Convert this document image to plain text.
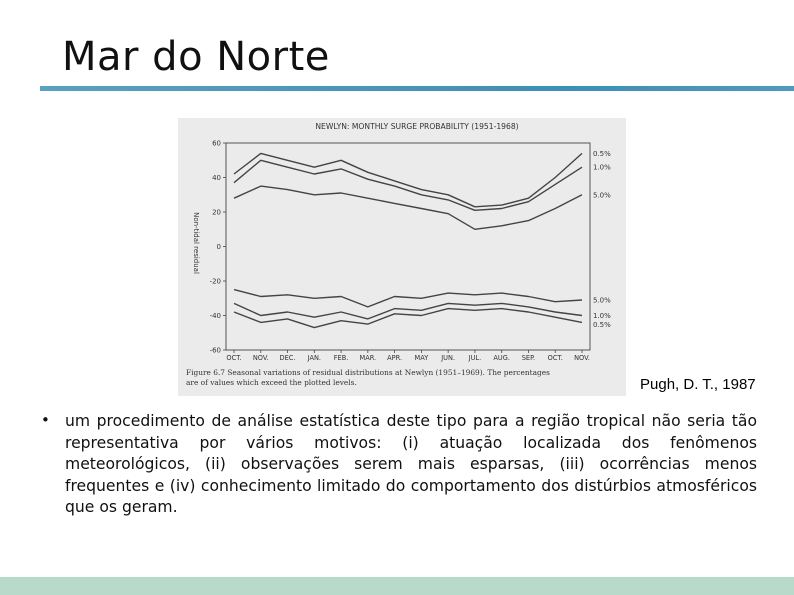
Mar do Norte
NEWLYN: MONTHLY SURGE PROBABILITY (1951-1968)
Non-tidal residual
60
40
20
0
-20
-40
-60
OCT. NOV. DEC. JAN. FEB. MAR. APR. MAY JUN. JUL. AUG. SEP. OCT. NOV.
0.5%
1.0%
5.0%
5.0%
1.0%
0.5%
Figure 6.7 Seasonal variations of residual distributions at Newlyn (1951–1969). The percentages
are of values which exceed the plotted levels.	Pugh, D. T., 1987
• um procedimento de análise estatística deste tipo para a região tropical não seria tão representativa por vários motivos: (i) atuação localizada dos fenômenos meteorológicos, (ii) observações serem mais esparsas, (iii) ocorrências menos frequentes e (iv) conhecimento limitado do comportamento dos distúrbios atmosféricos que os geram.
